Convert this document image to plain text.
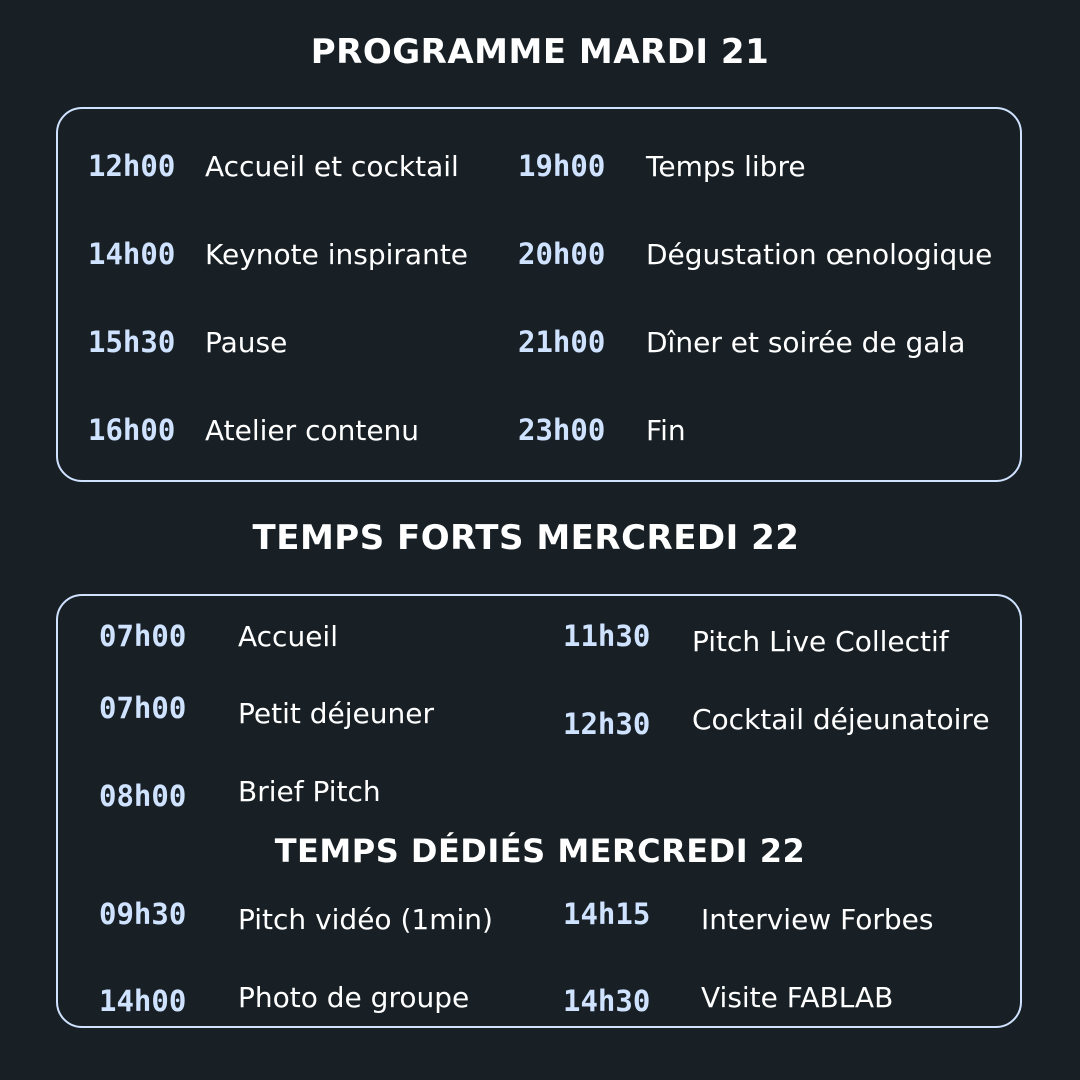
PROGRAMME MARDI 21
12h00 Accueil et cocktail
14h00 Keynote inspirante
15h30 Pause
16h00 Atelier contenu
19h00 Temps libre
20h00 Dégustation œnologique
21h00 Dîner et soirée de gala
23h00 Fin
TEMPS FORTS MERCREDI 22
07h00 Accueil
07h00 Petit déjeuner
08h00 Brief Pitch
11h30 Pitch Live Collectif
12h30 Cocktail déjeunatoire
TEMPS DÉDIÉS MERCREDI 22
09h30 Pitch vidéo (1min)
14h00 Photo de groupe
14h15 Interview Forbes
14h30 Visite FABLAB
